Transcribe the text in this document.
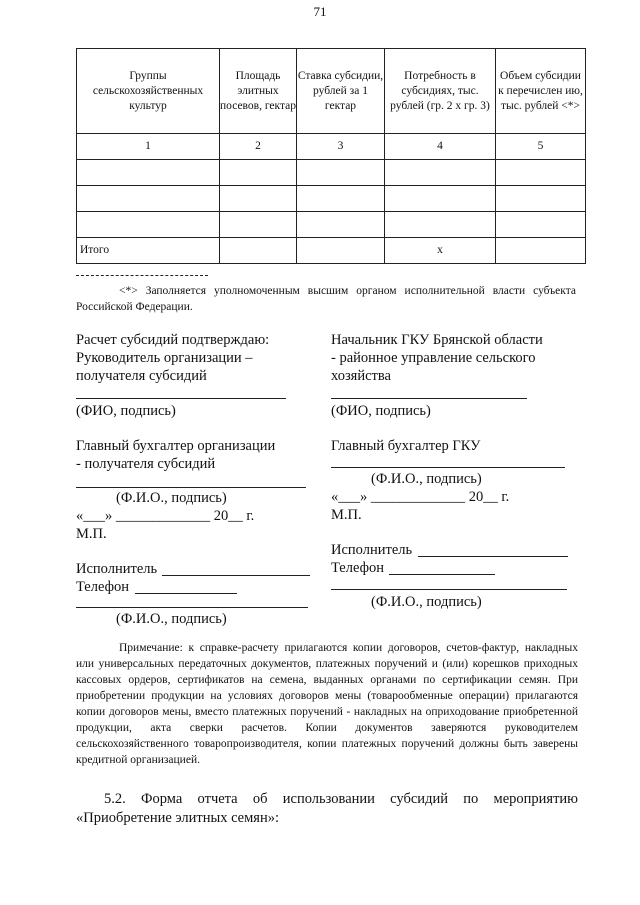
71
Группы сельскохозяйственных культур	Площадь элитных посевов, гектар	Ставка субсидии, рублей за 1 гектар	Потребность в субсидиях, тыс. рублей (гр. 2 х гр. 3)	Объем субсидии к перечислен ию, тыс. рублей <*>
1	2	3	4	5

Итого			x	
<*> Заполняется уполномоченным высшим органом исполнительной власти субъекта Российской Федерации.
Расчет субсидий подтверждаю:
Руководитель организации –
получателя субсидий
(ФИО, подпись)
Главный бухгалтер организации
- получателя субсидий
(Ф.И.О., подпись)
«___» _____________ 20__ г.
М.П.
Исполнитель
Телефон
(Ф.И.О., подпись)
Начальник ГКУ Брянской области
- районное управление сельского
хозяйства
(ФИО, подпись)
Главный бухгалтер ГКУ
(Ф.И.О., подпись)
«___» _____________ 20__ г.
М.П.
Исполнитель
Телефон
(Ф.И.О., подпись)
Примечание: к справке-расчету прилагаются копии договоров, счетов-фактур, накладных или универсальных передаточных документов, платежных поручений и (или) корешков приходных кассовых ордеров, сертификатов на семена, выданных органами по сертификации семян. При приобретении продукции на условиях договоров мены (товарообменные операции) прилагаются копии договоров мены, вместо платежных поручений - накладных на оприходование приобретенной продукции, акта сверки расчетов. Копии документов заверяются руководителем сельскохозяйственного товаропроизводителя, копии платежных поручений должны быть заверены кредитной организацией.
5.2. Форма отчета об использовании субсидий по мероприятию «Приобретение элитных семян»:
